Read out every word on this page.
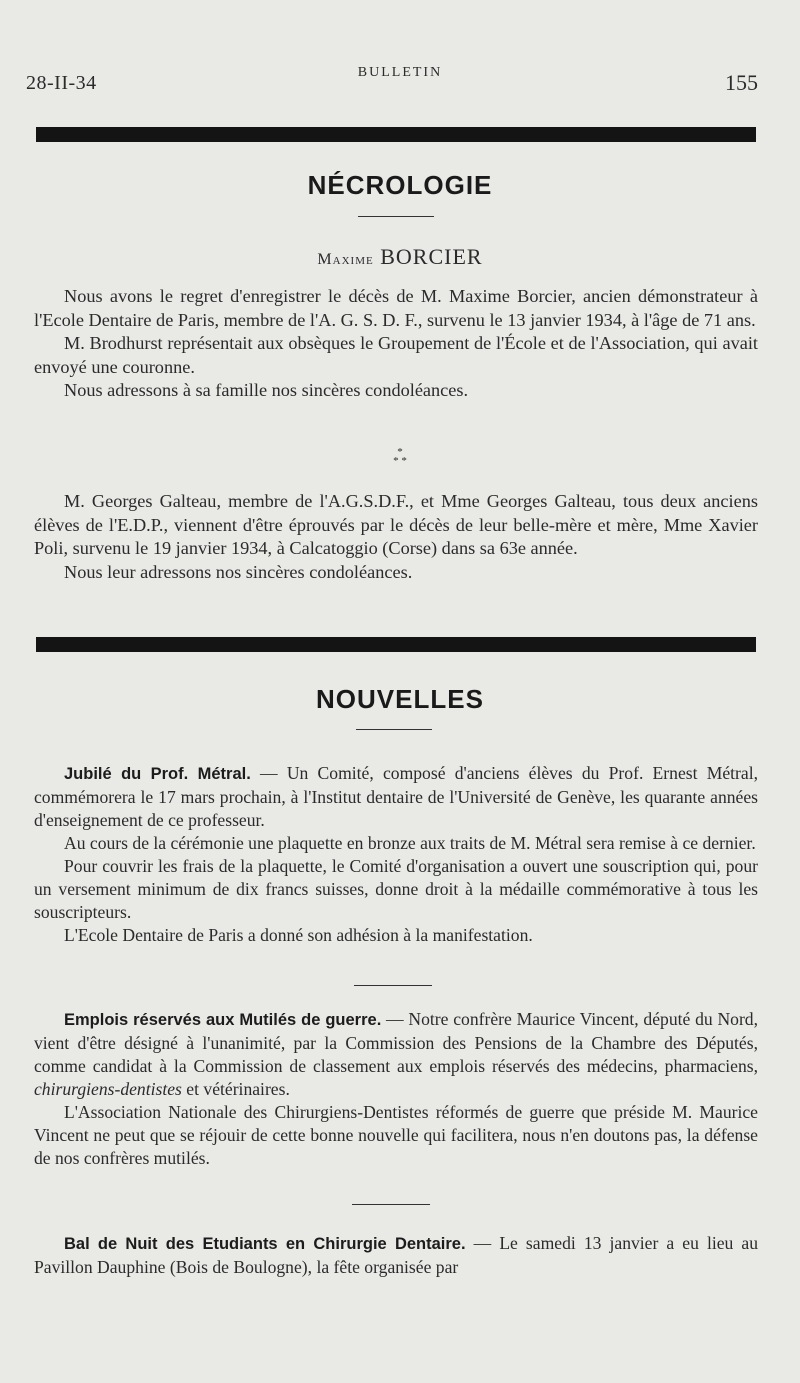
28-II-34	BULLETIN	155
NÉCROLOGIE
Maxime BORCIER

Nous avons le regret d'enregistrer le décès de M. Maxime Borcier, ancien démonstrateur à l'Ecole Dentaire de Paris, membre de l'A. G. S. D. F., survenu le 13 janvier 1934, à l'âge de 71 ans.

M. Brodhurst représentait aux obsèques le Groupement de l'École et de l'Association, qui avait envoyé une couronne.

Nous adressons à sa famille nos sincères condoléances.

*
* *

M. Georges Galteau, membre de l'A.G.S.D.F., et Mme Georges Galteau, tous deux anciens élèves de l'E.D.P., viennent d'être éprouvés par le décès de leur belle-mère et mère, Mme Xavier Poli, survenu le 19 janvier 1934, à Calcatoggio (Corse) dans sa 63e année.

Nous leur adressons nos sincères condoléances.

NOUVELLES

Jubilé du Prof. Métral. — Un Comité, composé d'anciens élèves du Prof. Ernest Métral, commémorera le 17 mars prochain, à l'Institut dentaire de l'Université de Genève, les quarante années d'enseignement de ce professeur.

Au cours de la cérémonie une plaquette en bronze aux traits de M. Métral sera remise à ce dernier.

Pour couvrir les frais de la plaquette, le Comité d'organisation a ouvert une souscription qui, pour un versement minimum de dix francs suisses, donne droit à la médaille commémorative à tous les souscripteurs.

L'Ecole Dentaire de Paris a donné son adhésion à la manifestation.

Emplois réservés aux Mutilés de guerre. — Notre confrère Maurice Vincent, député du Nord, vient d'être désigné à l'unanimité, par la Commission des Pensions de la Chambre des Députés, comme candidat à la Commission de classement aux emplois réservés des médecins, pharmaciens, chirurgiens-dentistes et vétérinaires.

L'Association Nationale des Chirurgiens-Dentistes réformés de guerre que préside M. Maurice Vincent ne peut que se réjouir de cette bonne nouvelle qui facilitera, nous n'en doutons pas, la défense de nos confrères mutilés.

Bal de Nuit des Etudiants en Chirurgie Dentaire. — Le samedi 13 janvier a eu lieu au Pavillon Dauphine (Bois de Boulogne), la fête organisée par
